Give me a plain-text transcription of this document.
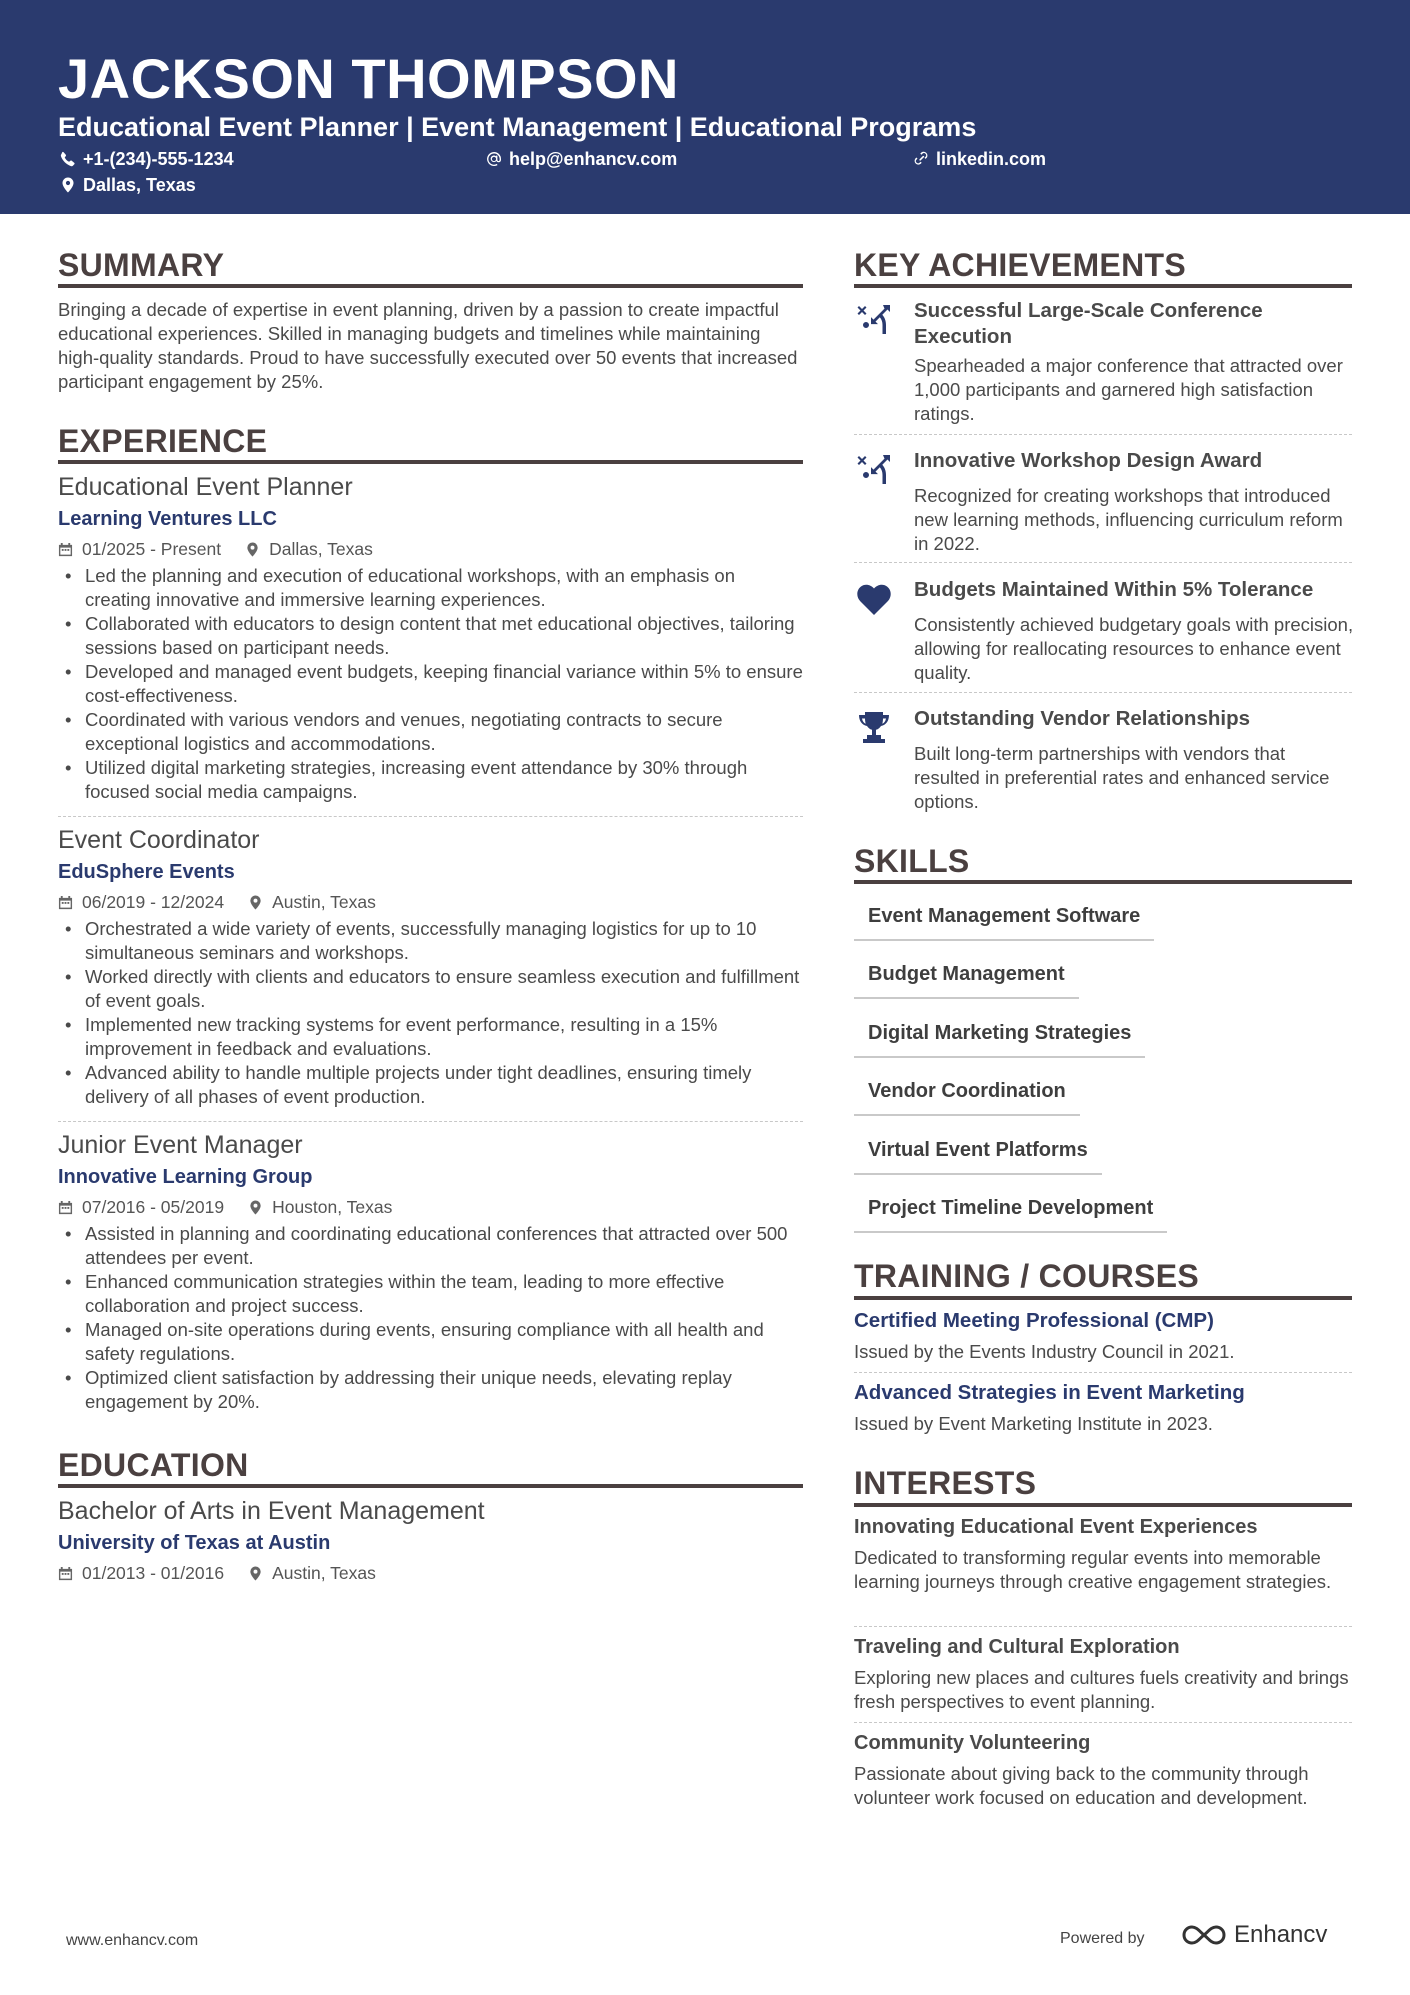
JACKSON THOMPSON
Educational Event Planner | Event Management | Educational Programs
+1-(234)-555-1234	help@enhancv.com	linkedin.com
Dallas, Texas
SUMMARY
Bringing a decade of expertise in event planning, driven by a passion to create impactful educational experiences. Skilled in managing budgets and timelines while maintaining high-quality standards. Proud to have successfully executed over 50 events that increased participant engagement by 25%.
EXPERIENCE
Educational Event Planner
Learning Ventures LLC
01/2025 - Present	Dallas, Texas
• Led the planning and execution of educational workshops, with an emphasis on creating innovative and immersive learning experiences.
• Collaborated with educators to design content that met educational objectives, tailoring sessions based on participant needs.
• Developed and managed event budgets, keeping financial variance within 5% to ensure cost-effectiveness.
• Coordinated with various vendors and venues, negotiating contracts to secure exceptional logistics and accommodations.
• Utilized digital marketing strategies, increasing event attendance by 30% through focused social media campaigns.
Event Coordinator
EduSphere Events
06/2019 - 12/2024	Austin, Texas
• Orchestrated a wide variety of events, successfully managing logistics for up to 10 simultaneous seminars and workshops.
• Worked directly with clients and educators to ensure seamless execution and fulfillment of event goals.
• Implemented new tracking systems for event performance, resulting in a 15% improvement in feedback and evaluations.
• Advanced ability to handle multiple projects under tight deadlines, ensuring timely delivery of all phases of event production.
Junior Event Manager
Innovative Learning Group
07/2016 - 05/2019	Houston, Texas
• Assisted in planning and coordinating educational conferences that attracted over 500 attendees per event.
• Enhanced communication strategies within the team, leading to more effective collaboration and project success.
• Managed on-site operations during events, ensuring compliance with all health and safety regulations.
• Optimized client satisfaction by addressing their unique needs, elevating replay engagement by 20%.
EDUCATION
Bachelor of Arts in Event Management
University of Texas at Austin
01/2013 - 01/2016	Austin, Texas
KEY ACHIEVEMENTS
Successful Large-Scale Conference Execution
Spearheaded a major conference that attracted over 1,000 participants and garnered high satisfaction ratings.
Innovative Workshop Design Award
Recognized for creating workshops that introduced new learning methods, influencing curriculum reform in 2022.
Budgets Maintained Within 5% Tolerance
Consistently achieved budgetary goals with precision, allowing for reallocating resources to enhance event quality.
Outstanding Vendor Relationships
Built long-term partnerships with vendors that resulted in preferential rates and enhanced service options.
SKILLS
Event Management Software
Budget Management
Digital Marketing Strategies
Vendor Coordination
Virtual Event Platforms
Project Timeline Development
TRAINING / COURSES
Certified Meeting Professional (CMP)
Issued by the Events Industry Council in 2021.
Advanced Strategies in Event Marketing
Issued by Event Marketing Institute in 2023.
INTERESTS
Innovating Educational Event Experiences
Dedicated to transforming regular events into memorable learning journeys through creative engagement strategies.
Traveling and Cultural Exploration
Exploring new places and cultures fuels creativity and brings fresh perspectives to event planning.
Community Volunteering
Passionate about giving back to the community through volunteer work focused on education and development.
www.enhancv.com	Powered by	Enhancv
